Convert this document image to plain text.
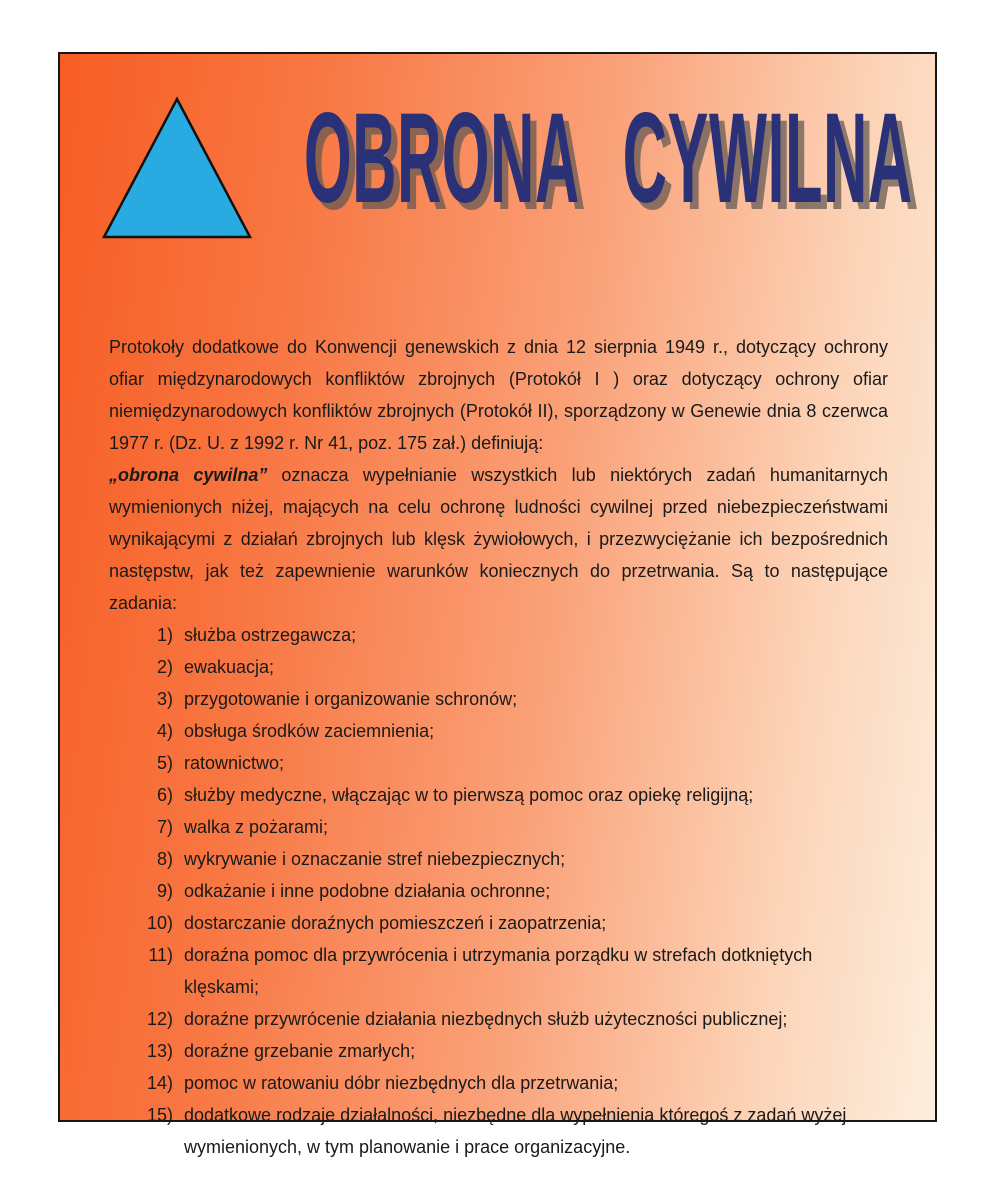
OBRONA CYWILNA

Protokoły dodatkowe do Konwencji genewskich z dnia 12 sierpnia 1949 r., dotyczący ochrony ofiar międzynarodowych konfliktów zbrojnych (Protokół I ) oraz dotyczący ochrony ofiar niemiędzynarodowych konfliktów zbrojnych (Protokół II), sporządzony w Genewie dnia 8 czerwca 1977 r. (Dz. U. z 1992 r. Nr 41, poz. 175 zał.) definiują:

„obrona cywilna” oznacza wypełnianie wszystkich lub niektórych zadań humanitarnych wymienionych niżej, mających na celu ochronę ludności cywilnej przed niebezpieczeństwami wynikającymi z działań zbrojnych lub klęsk żywiołowych, i przezwyciężanie ich bezpośrednich następstw, jak też zapewnienie warunków koniecznych do przetrwania. Są to następujące zadania:

1) służba ostrzegawcza;
2) ewakuacja;
3) przygotowanie i organizowanie schronów;
4) obsługa środków zaciemnienia;
5) ratownictwo;
6) służby medyczne, włączając w to pierwszą pomoc oraz opiekę religijną;
7) walka z pożarami;
8) wykrywanie i oznaczanie stref niebezpiecznych;
9) odkażanie i inne podobne działania ochronne;
10) dostarczanie doraźnych pomieszczeń i zaopatrzenia;
11) doraźna pomoc dla przywrócenia i utrzymania porządku w strefach dotkniętych klęskami;
12) doraźne przywrócenie działania niezbędnych służb użyteczności publicznej;
13) doraźne grzebanie zmarłych;
14) pomoc w ratowaniu dóbr niezbędnych dla przetrwania;
15) dodatkowe rodzaje działalności, niezbędne dla wypełnienia któregoś z zadań wyżej wymienionych, w tym planowanie i prace organizacyjne.
